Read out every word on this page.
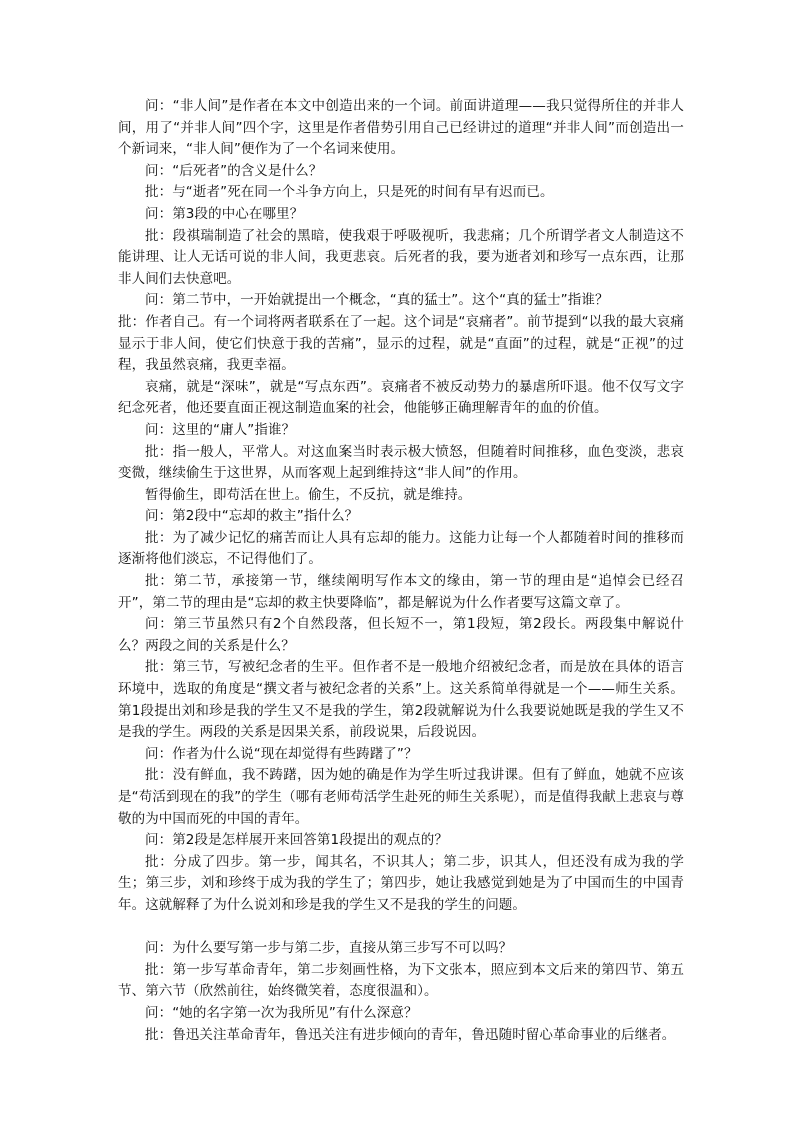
问：“非人间”是作者在本文中创造出来的一个词。前面讲道理——我只觉得所住的并非人间，用了“并非人间”四个字，这里是作者借势引用自己已经讲过的道理“并非人间”而创造出一个新词来，“非人间”便作为了一个名词来使用。

问：“后死者”的含义是什么？

批：与“逝者”死在同一个斗争方向上，只是死的时间有早有迟而已。

问：第3段的中心在哪里？

批：段祺瑞制造了社会的黑暗，使我艰于呼吸视听，我悲痛；几个所谓学者文人制造这不能讲理、让人无话可说的非人间，我更悲哀。后死者的我，要为逝者刘和珍写一点东西，让那非人间们去快意吧。

问：第二节中，一开始就提出一个概念，“真的猛士”。这个“真的猛士”指谁？

批：作者自己。有一个词将两者联系在了一起。这个词是“哀痛者”。前节提到“以我的最大哀痛显示于非人间，使它们快意于我的苦痛”，显示的过程，就是“直面”的过程，就是“正视”的过程，我虽然哀痛，我更幸福。

哀痛，就是“深味”，就是“写点东西”。哀痛者不被反动势力的暴虐所吓退。他不仅写文字纪念死者，他还要直面正视这制造血案的社会，他能够正确理解青年的血的价值。

问：这里的“庸人”指谁？

批：指一般人，平常人。对这血案当时表示极大愤怒，但随着时间推移，血色变淡，悲哀变微，继续偷生于这世界，从而客观上起到维持这“非人间”的作用。

暂得偷生，即苟活在世上。偷生，不反抗，就是维持。

问：第2段中“忘却的救主”指什么？

批：为了减少记忆的痛苦而让人具有忘却的能力。这能力让每一个人都随着时间的推移而逐渐将他们淡忘，不记得他们了。

批：第二节，承接第一节，继续阐明写作本文的缘由，第一节的理由是“追悼会已经召开”，第二节的理由是“忘却的救主快要降临”，都是解说为什么作者要写这篇文章了。

问：第三节虽然只有2个自然段落，但长短不一，第1段短，第2段长。两段集中解说什么？两段之间的关系是什么？

批：第三节，写被纪念者的生平。但作者不是一般地介绍被纪念者，而是放在具体的语言环境中，选取的角度是“撰文者与被纪念者的关系”上。这关系简单得就是一个——师生关系。第1段提出刘和珍是我的学生又不是我的学生，第2段就解说为什么我要说她既是我的学生又不是我的学生。两段的关系是因果关系，前段说果，后段说因。

问：作者为什么说“现在却觉得有些踌躇了”？

批：没有鲜血，我不踌躇，因为她的确是作为学生听过我讲课。但有了鲜血，她就不应该是“苟活到现在的我”的学生（哪有老师苟活学生赴死的师生关系呢），而是值得我献上悲哀与尊敬的为中国而死的中国的青年。

问：第2段是怎样展开来回答第1段提出的观点的？

批：分成了四步。第一步，闻其名，不识其人；第二步，识其人，但还没有成为我的学生；第三步，刘和珍终于成为我的学生了；第四步，她让我感觉到她是为了中国而生的中国青年。这就解释了为什么说刘和珍是我的学生又不是我的学生的问题。

问：为什么要写第一步与第二步，直接从第三步写不可以吗？

批：第一步写革命青年，第二步刻画性格，为下文张本，照应到本文后来的第四节、第五节、第六节（欣然前往，始终微笑着，态度很温和）。

问：“她的名字第一次为我所见”有什么深意？

批：鲁迅关注革命青年，鲁迅关注有进步倾向的青年，鲁迅随时留心革命事业的后继者。
